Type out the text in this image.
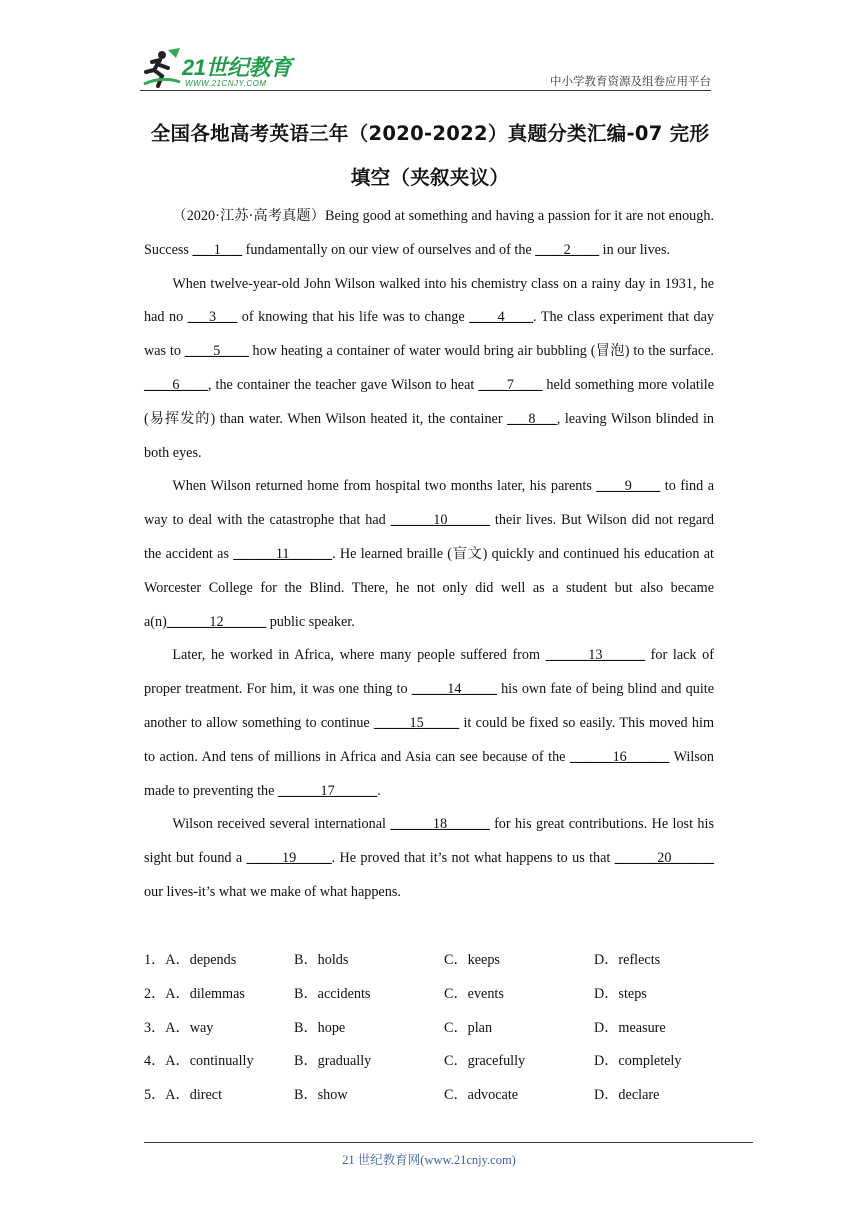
21世纪教育
WWW.21CNJY.COM	中小学教育资源及组卷应用平台
全国各地高考英语三年（2020-2022）真题分类汇编-07 完形
填空（夹叙夹议）

（2020·江苏·高考真题）Being good at something and having a passion for it are not enough. Success ___1___ fundamentally on our view of ourselves and of the ____2____ in our lives.

When twelve-year-old John Wilson walked into his chemistry class on a rainy day in 1931, he had no ___3___ of knowing that his life was to change ____4____. The class experiment that day was to ____5____ how heating a container of water would bring air bubbling (冒泡) to the surface. ____6____, the container the teacher gave Wilson to heat ____7____ held something more volatile (易挥发的) than water. When Wilson heated it, the container ___8___, leaving Wilson blinded in both eyes.

When Wilson returned home from hospital two months later, his parents ____9____ to find a way to deal with the catastrophe that had ______10______ their lives. But Wilson did not regard the accident as ______11______. He learned braille (盲文) quickly and continued his education at Worcester College for the Blind. There, he not only did well as a student but also became a(n)______12______ public speaker.

Later, he worked in Africa, where many people suffered from ______13______ for lack of proper treatment. For him, it was one thing to _____14_____ his own fate of being blind and quite another to allow something to continue _____15_____ it could be fixed so easily. This moved him to action. And tens of millions in Africa and Asia can see because of the ______16______ Wilson made to preventing the ______17______.

Wilson received several international ______18______ for his great contributions. He lost his sight but found a _____19_____. He proved that it’s not what happens to us that ______20______ our lives-it’s what we make of what happens.

1．A．depends	B．holds	C．keeps	D．reflects
2．A．dilemmas	B．accidents	C．events	D．steps
3．A．way	B．hope	C．plan	D．measure
4．A．continually	B．gradually	C．gracefully	D．completely
5．A．direct	B．show	C．advocate	D．declare
21 世纪教育网(www.21cnjy.com)
